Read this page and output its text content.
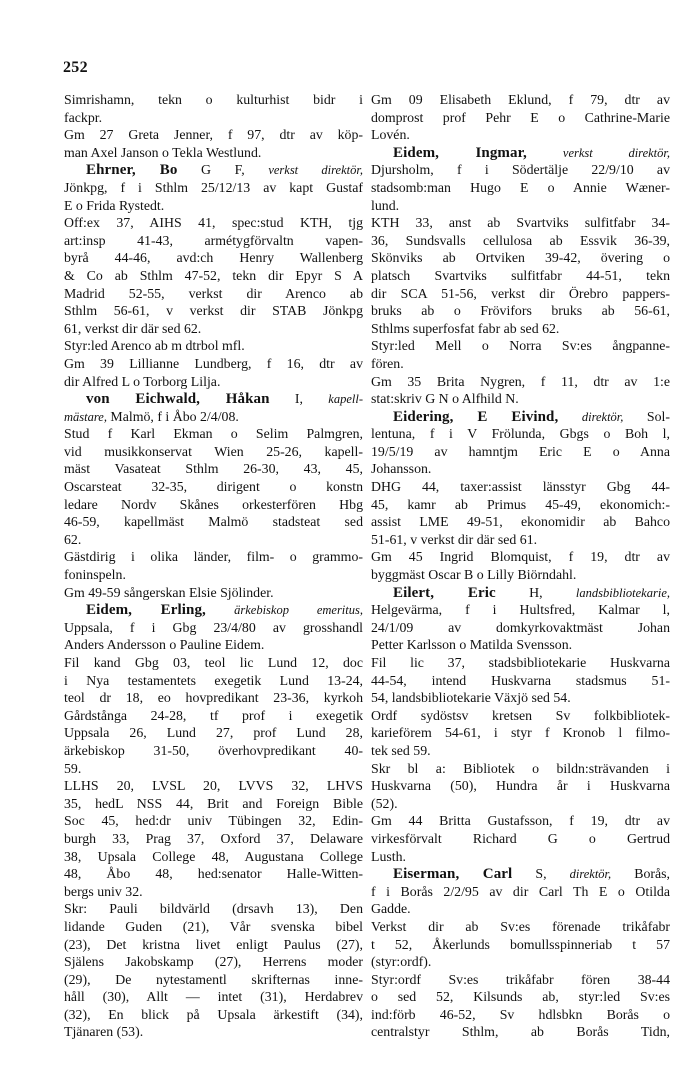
252
Simrishamn, tekn o kulturhist bidr i
fackpr.
Gm 27 Greta Jenner, f 97, dtr av köp-
man Axel Janson o Tekla Westlund.
Ehrner, Bo G F, verkst direktör,
Jönkpg, f i Sthlm 25/12/13 av kapt Gustaf
E o Frida Rystedt.
Off:ex 37, AIHS 41, spec:stud KTH, tjg
art:insp 41-43, armétygförvaltn vapen-
byrå 44-46, avd:ch Henry Wallenberg
& Co ab Sthlm 47-52, tekn dir Epyr S A
Madrid 52-55, verkst dir Arenco ab
Sthlm 56-61, v verkst dir STAB Jönkpg
61, verkst dir där sed 62.
Styr:led Arenco ab m dtrbol mfl.
Gm 39 Lillianne Lundberg, f 16, dtr av
dir Alfred L o Torborg Lilja.
von Eichwald, Håkan I, kapell-
mästare, Malmö, f i Åbo 2/4/08.
Stud f Karl Ekman o Selim Palmgren,
vid musikkonservat Wien 25-26, kapell-
mäst Vasateat Sthlm 26-30, 43, 45,
Oscarsteat 32-35, dirigent o konstn
ledare Nordv Skånes orkesterfören Hbg
46-59, kapellmäst Malmö stadsteat sed
62.
Gästdirig i olika länder, film- o grammo-
foninspeln.
Gm 49-59 sångerskan Elsie Sjölinder.
Eidem, Erling, ärkebiskop emeritus,
Uppsala, f i Gbg 23/4/80 av grosshandl
Anders Andersson o Pauline Eidem.
Fil kand Gbg 03, teol lic Lund 12, doc
i Nya testamentets exegetik Lund 13-24,
teol dr 18, eo hovpredikant 23-36, kyrkoh
Gårdstånga 24-28, tf prof i exegetik
Uppsala 26, Lund 27, prof Lund 28,
ärkebiskop 31-50, överhovpredikant 40-
59.
LLHS 20, LVSL 20, LVVS 32, LHVS
35, hedL NSS 44, Brit and Foreign Bible
Soc 45, hed:dr univ Tübingen 32, Edin-
burgh 33, Prag 37, Oxford 37, Delaware
38, Upsala College 48, Augustana College
48, Åbo 48, hed:senator Halle-Witten-
bergs univ 32.
Skr: Pauli bildvärld (drsavh 13), Den
lidande Guden (21), Vår svenska bibel
(23), Det kristna livet enligt Paulus (27),
Själens Jakobskamp (27), Herrens moder
(29), De nytestamentl skrifternas inne-
håll (30), Allt — intet (31), Herdabrev
(32), En blick på Upsala ärkestift (34),
Tjänaren (53).
Gm 09 Elisabeth Eklund, f 79, dtr av
domprost prof Pehr E o Cathrine-Marie
Lovén.
Eidem, Ingmar,	verkst direktör,
Djursholm, f i Södertälje 22/9/10 av
stadsomb:man Hugo E o Annie Wæner-
lund.
KTH 33, anst ab Svartviks sulfitfabr 34-
36, Sundsvalls cellulosa ab Essvik 36-39,
Skönviks ab Ortviken 39-42, övering o
platsch Svartviks sulfitfabr 44-51, tekn
dir SCA 51-56, verkst dir Örebro pappers-
bruks ab o Frövifors bruks ab 56-61,
Sthlms superfosfat fabr ab sed 62.
Styr:led Mell o Norra Sv:es ångpanne-
fören.
Gm 35 Brita Nygren, f 11, dtr av 1:e
stat:skriv G N o Alfhild N.
Eidering, E Eivind, direktör, Sol-
lentuna, f i V Frölunda, Gbgs o Boh l,
19/5/19 av hamntjm Eric E o Anna
Johansson.
DHG 44, taxer:assist länsstyr Gbg 44-
45, kamr ab Primus 45-49, ekonomich:-
assist LME 49-51, ekonomidir ab Bahco
51-61, v verkst dir där sed 61.
Gm 45 Ingrid Blomquist, f 19, dtr av
byggmäst Oscar B o Lilly Biörndahl.
Eilert, Eric H, landsbibliotekarie,
Helgevärma, f i Hultsfred, Kalmar l,
24/1/09 av domkyrkovaktmäst Johan
Petter Karlsson o Matilda Svensson.
Fil lic 37, stadsbibliotekarie Huskvarna
44-54, intend Huskvarna stadsmus 51-
54, landsbibliotekarie Växjö sed 54.
Ordf sydöstsv kretsen Sv folkbibliotek-
karieförem 54-61, i styr f Kronob l filmo-
tek sed 59.
Skr bl a: Bibliotek o bildn:strävanden i
Huskvarna (50), Hundra år i Huskvarna
(52).
Gm 44 Britta Gustafsson, f 19, dtr av
virkesförvalt Richard G o Gertrud
Lusth.
Eiserman, Carl S, direktör, Borås,
f i Borås 2/2/95 av dir Carl Th E o Otilda
Gadde.
Verkst dir ab Sv:es förenade trikåfabr
t 52, Åkerlunds bomullsspinneriab t 57
(styr:ordf).
Styr:ordf Sv:es trikåfabr fören 38-44
o sed 52, Kilsunds ab, styr:led Sv:es
ind:förb 46-52, Sv hdlsbkn Borås o
centralstyr Sthlm, ab Borås Tidn,
